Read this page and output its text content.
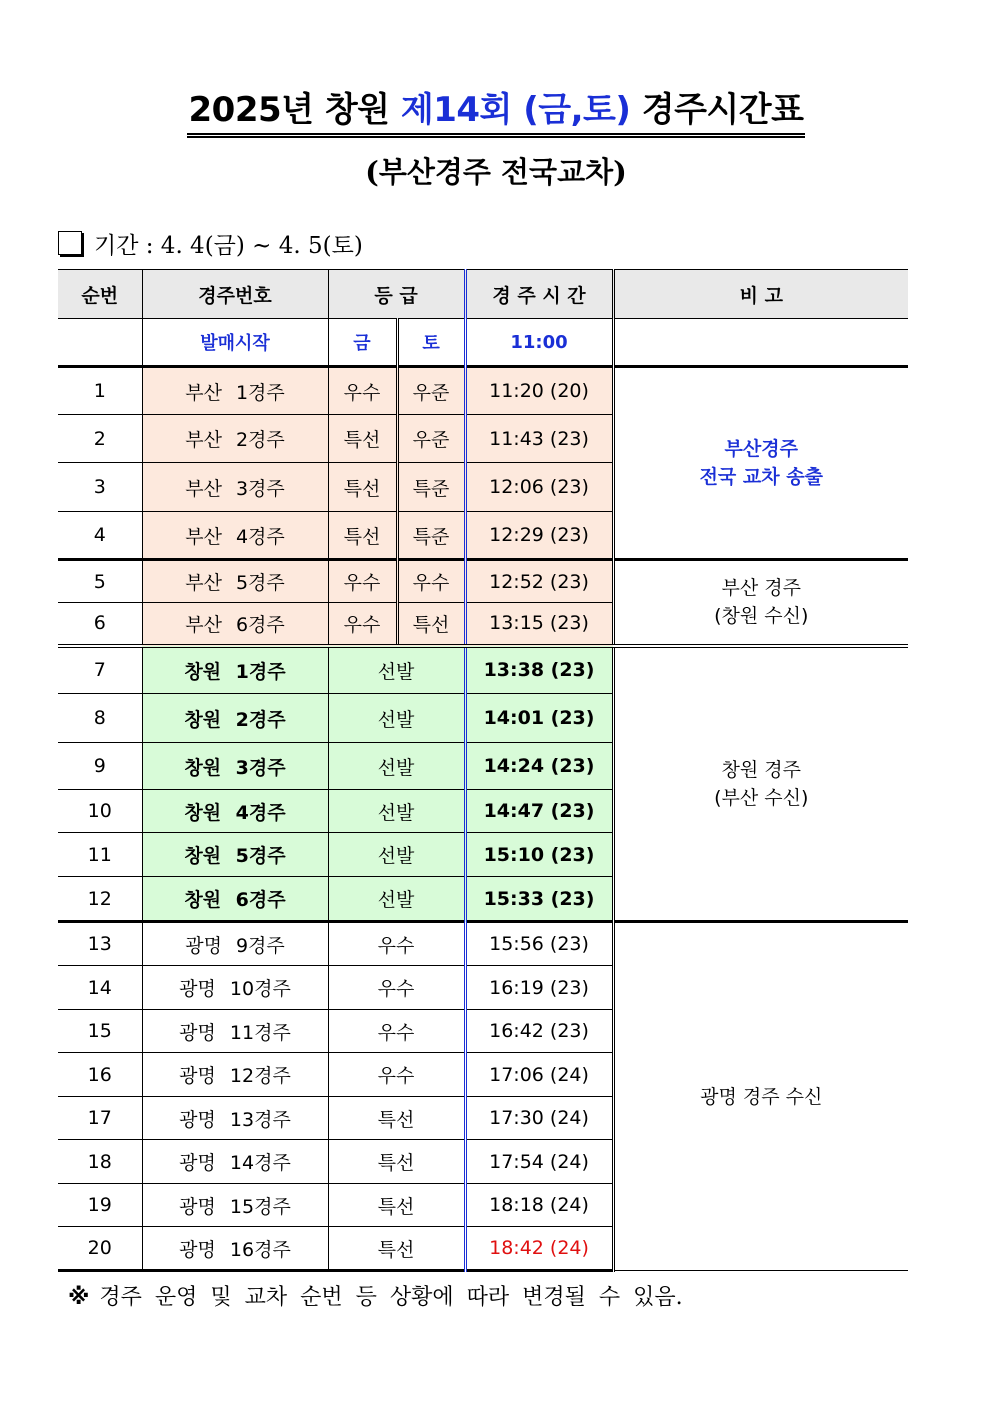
2025년 창원 제14회 (금,토) 경주시간표
(부산경주 전국교차)
기간 : 4. 4(금) ~ 4. 5(토)
순번	경주번호	등 급		경 주 시 간	비 고
	발매시작	금	토	11:00	
1	부산 1경주	우수	우준	11:20 (20)	부산경주
전국 교차 송출

2	부산 2경주	특선	우준	11:43 (23)	
3	부산 3경주	특선	특준	12:06 (23)	
4	부산 4경주	특선	특준	12:29 (23)	
5	부산 5경주	우수	우수	12:52 (23)	부산 경주
(창원 수신)

6	부산 6경주	우수	특선	13:15 (23)	
7	창원 1경주	선발		13:38 (23)	창원 경주
(부산 수신)

8	창원 2경주	선발		14:01 (23)	
9	창원 3경주	선발		14:24 (23)	
10	창원 4경주	선발		14:47 (23)	
11	창원 5경주	선발		15:10 (23)	
12	창원 6경주	선발		15:33 (23)	
13	광명 9경주	우수		15:56 (23)	광명 경주 수신
14	광명 10경주	우수		16:19 (23)	
15	광명 11경주	우수		16:42 (23)	
16	광명 12경주	우수		17:06 (24)	
17	광명 13경주	특선		17:30 (24)	
18	광명 14경주	특선		17:54 (24)	
19	광명 15경주	특선		18:18 (24)	
20	광명 16경주	특선		18:42 (24)	
※ 경주 운영 및 교차 순번 등 상황에 따라 변경될 수 있음.
